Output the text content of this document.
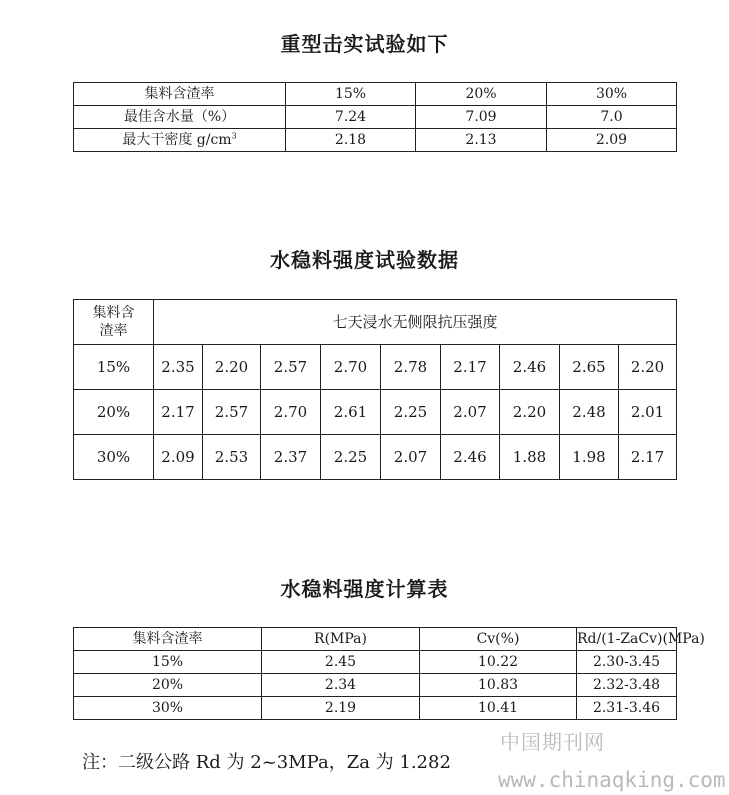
重型击实试验如下
集料含渣率	15%	20%	30%
最佳含水量（%）	7.24	7.09	7.0
最大干密度 $g/cm^3$	2.18	2.13	2.09
水稳料强度试验数据
集料含渣率	七天浸水无侧限抗压强度								
15%	2.35	2.20	2.57	2.70	2.78	2.17	2.46	2.65	2.20
20%	2.17	2.57	2.70	2.61	2.25	2.07	2.20	2.48	2.01
30%	2.09	2.53	2.37	2.25	2.07	2.46	1.88	1.98	2.17
水稳料强度计算表
集料含渣率	R(MPa)	Cv(%)	Rd/(1-ZaCv)(MPa)
15%	2.45	10.22	2.30-3.45
20%	2.34	10.83	2.32-3.48
30%	2.19	10.41	2.31-3.46
注：二级公路 Rd 为 2~3MPa，Za 为 1.282
中国期刊网
www.chinaqking.com
